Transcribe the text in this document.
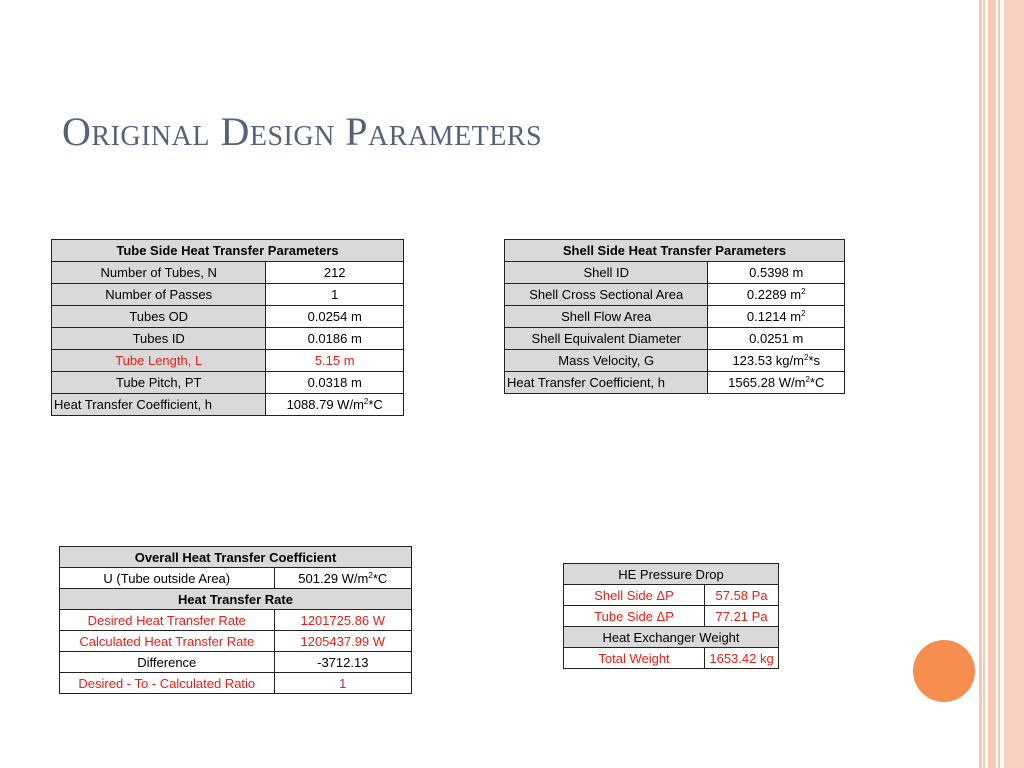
Original Design Parameters
Tube Side Heat Transfer Parameters	
Number of Tubes, N	212
Number of Passes	1
Tubes OD	0.0254 m
Tubes ID	0.0186 m
Tube Length, L	5.15 m
Tube Pitch, PT	0.0318 m
Heat Transfer Coefficient, h	1088.79 $W/m^2*C$
Shell Side Heat Transfer Parameters	
Shell ID	0.5398 m
Shell Cross Sectional Area	0.2289 $m^2$
Shell Flow Area	0.1214 $m^2$
Shell Equivalent Diameter	0.0251 m
Mass Velocity, G	123.53 $kg/m^2*s$
Heat Transfer Coefficient, h	1565.28 $W/m^2*C$
Overall Heat Transfer Coefficient	
U (Tube outside Area)	501.29 $W/m^2*C$
Heat Transfer Rate	
Desired Heat Transfer Rate	1201725.86 W
Calculated Heat Transfer Rate	1205437.99 W
Difference	-3712.13
Desired - To - Calculated Ratio	1
HE Pressure Drop	
Shell Side ΔP	57.58 Pa
Tube Side ΔP	77.21 Pa
Heat Exchanger Weight	
Total Weight	1653.42 kg
